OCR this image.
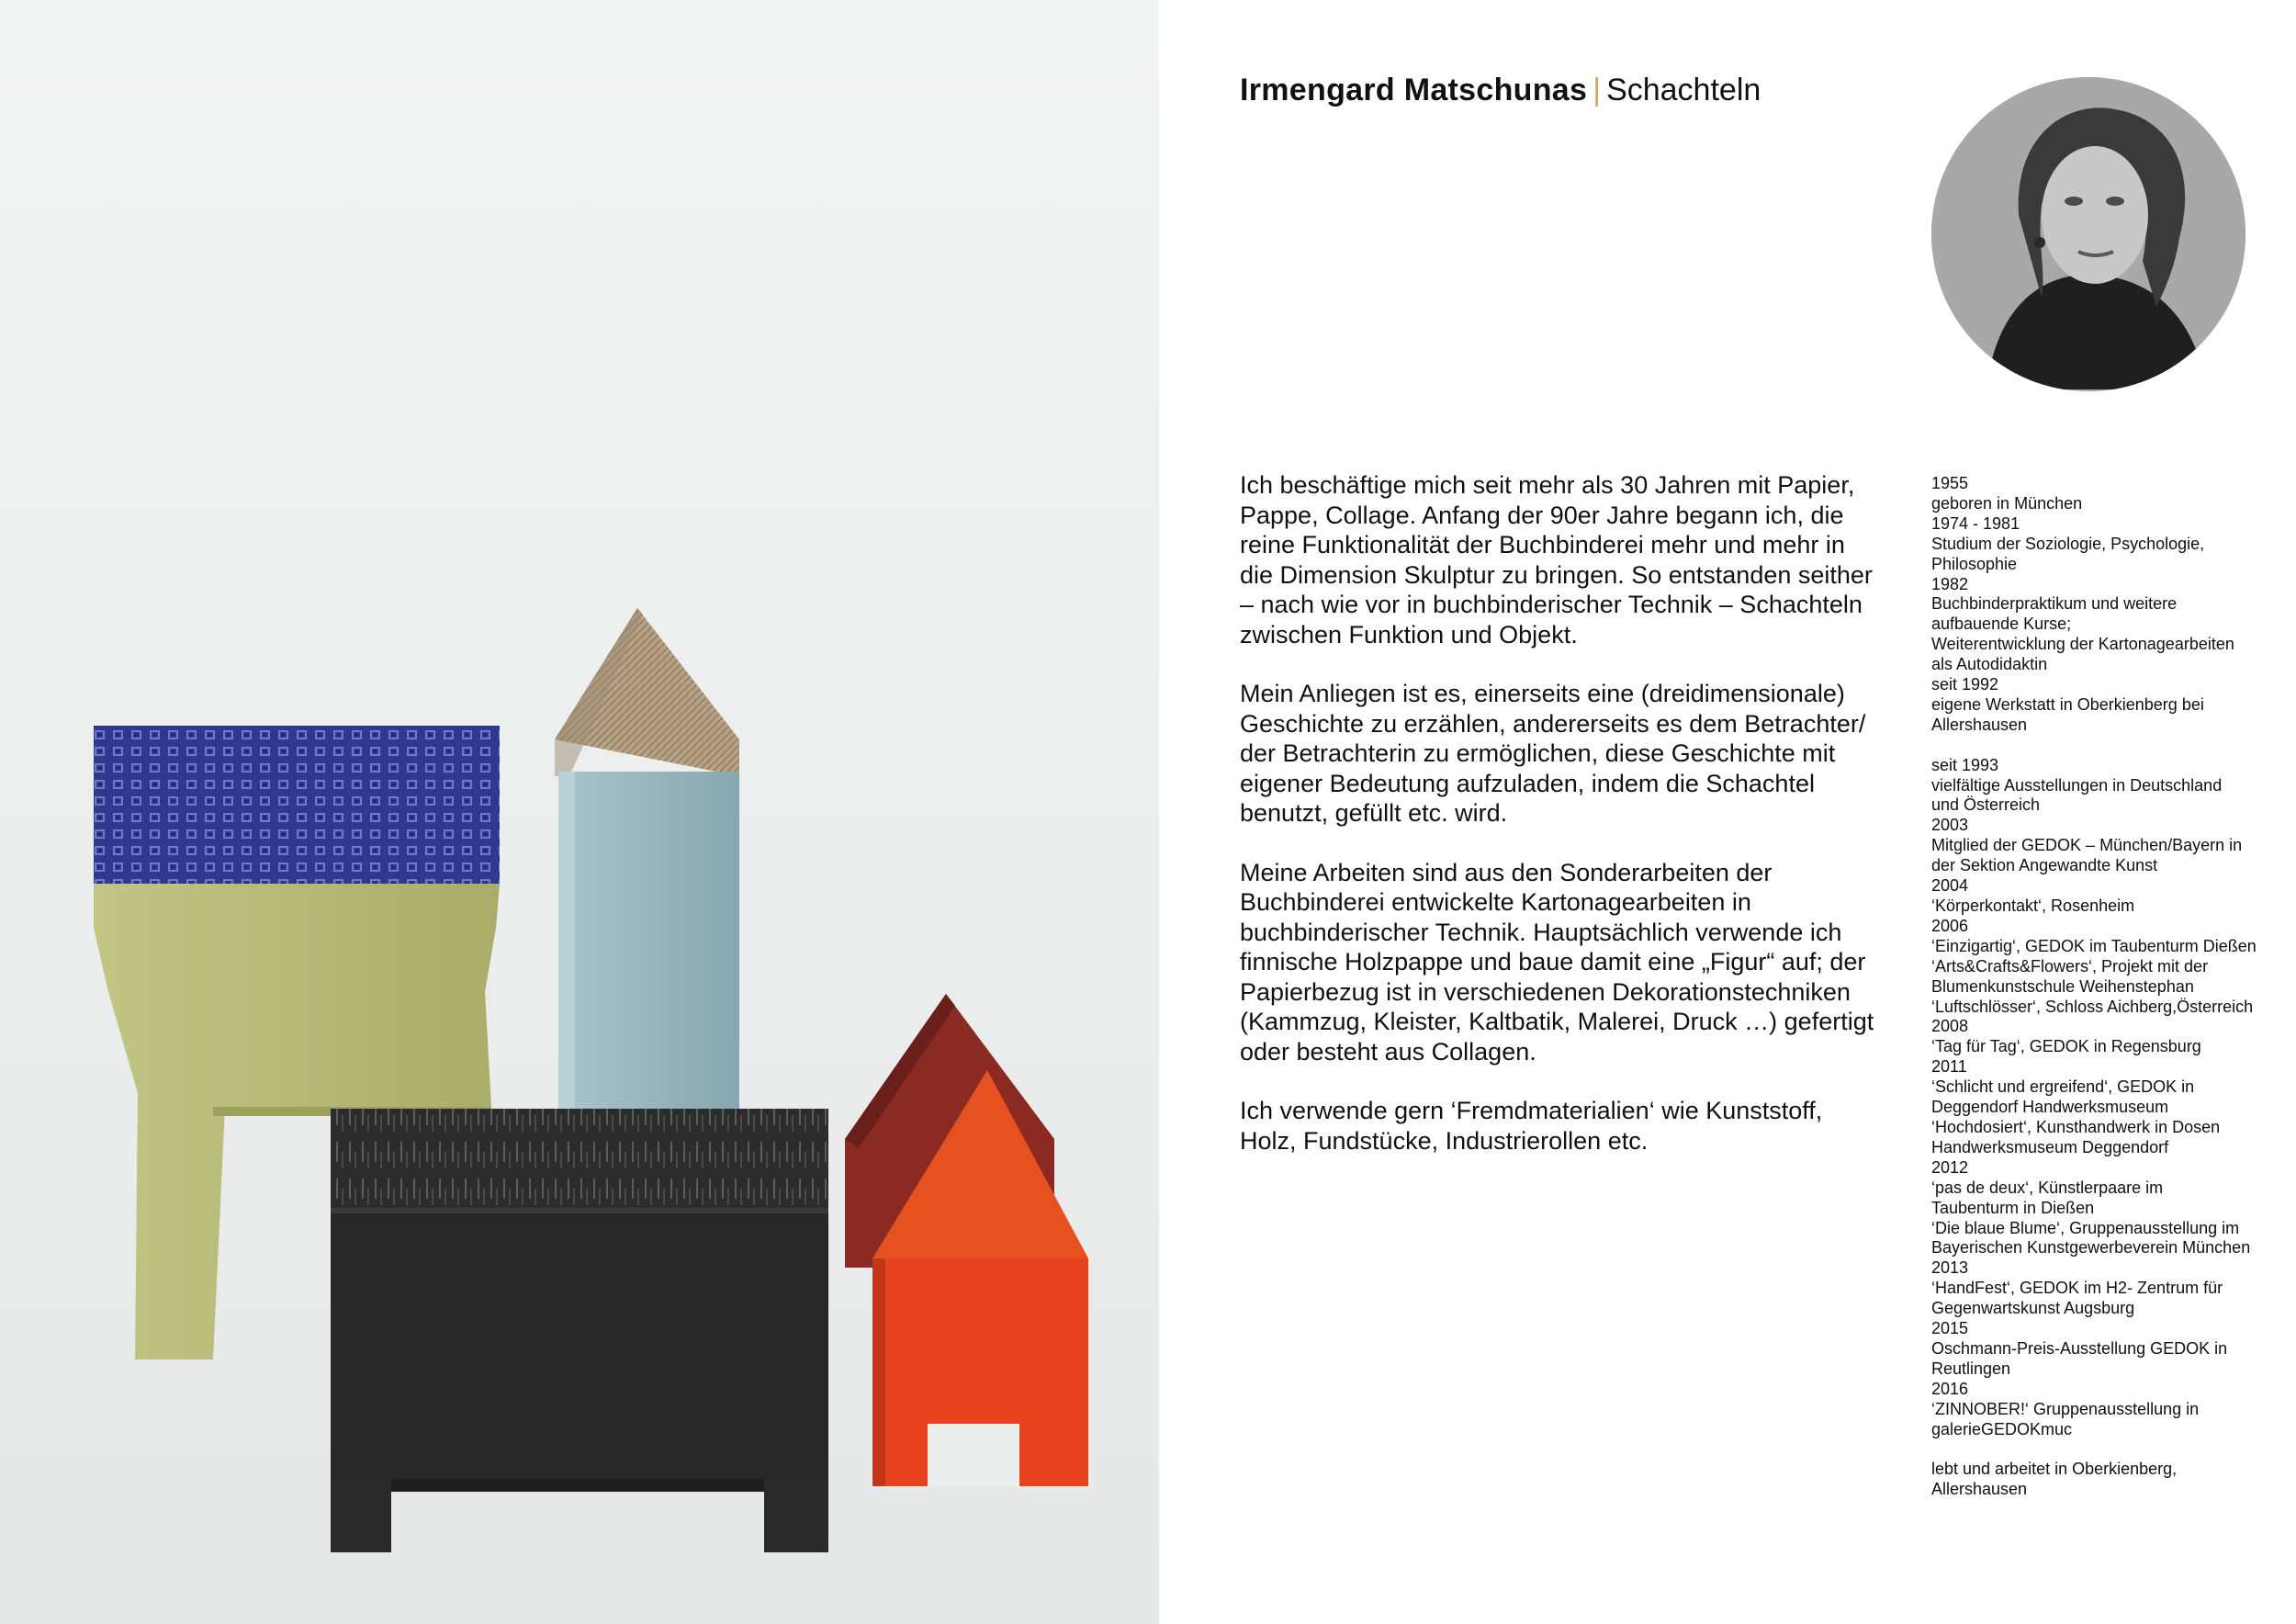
Irmengard Matschunas | Schachteln

Ich beschäftige mich seit mehr als 30 Jahren mit Papier, Pappe, Collage. Anfang der 90er Jahre begann ich, die reine Funktionalität der Buchbinderei mehr und mehr in die Dimension Skulptur zu bringen. So entstanden seither – nach wie vor in buchbinderischer Technik – Schachteln zwischen Funktion und Objekt.

Mein Anliegen ist es, einerseits eine (dreidimensionale) Geschichte zu erzählen, andererseits es dem Betrachter/ der Betrachterin zu ermöglichen, diese Geschichte mit eigener Bedeutung aufzuladen, indem die Schachtel benutzt, gefüllt etc. wird.

Meine Arbeiten sind aus den Sonderarbeiten der Buchbinderei entwickelte Kartonagearbeiten in buchbinderischer Technik. Hauptsächlich verwende ich finnische Holzpappe und baue damit eine „Figur“ auf; der Papierbezug ist in verschiedenen Dekorationstechniken (Kammzug, Kleister, Kaltbatik, Malerei, Druck …) gefertigt oder besteht aus Collagen.

Ich verwende gern ‘Fremdmaterialien‘ wie Kunststoff, Holz, Fundstücke, Industrierollen etc.

1955
geboren in München
1974 - 1981
Studium der Soziologie, Psychologie,
Philosophie
1982
Buchbinderpraktikum und weitere
aufbauende Kurse;
Weiterentwicklung der Kartonagearbeiten
als Autodidaktin
seit 1992
eigene Werkstatt in Oberkienberg bei
Allershausen
seit 1993
vielfältige Ausstellungen in Deutschland
und Österreich
2003
Mitglied der GEDOK – München/Bayern in
der Sektion Angewandte Kunst
2004
‘Körperkontakt‘, Rosenheim
2006
‘Einzigartig‘, GEDOK im Taubenturm Dießen
‘Arts&Crafts&Flowers‘, Projekt mit der
Blumenkunstschule Weihenstephan
‘Luftschlösser‘, Schloss Aichberg,Österreich
2008
‘Tag für Tag‘, GEDOK in Regensburg
2011
‘Schlicht und ergreifend‘, GEDOK in
Deggendorf Handwerksmuseum
‘Hochdosiert‘, Kunsthandwerk in Dosen
Handwerksmuseum Deggendorf
2012
‘pas de deux‘, Künstlerpaare im
Taubenturm in Dießen
‘Die blaue Blume‘, Gruppenausstellung im
Bayerischen Kunstgewerbeverein München
2013
‘HandFest‘, GEDOK im H2- Zentrum für
Gegenwartskunst Augsburg
2015
Oschmann-Preis-Ausstellung GEDOK in
Reutlingen
2016
‘ZINNOBER!‘ Gruppenausstellung in
galerieGEDOKmuc
lebt und arbeitet in Oberkienberg,
Allershausen
